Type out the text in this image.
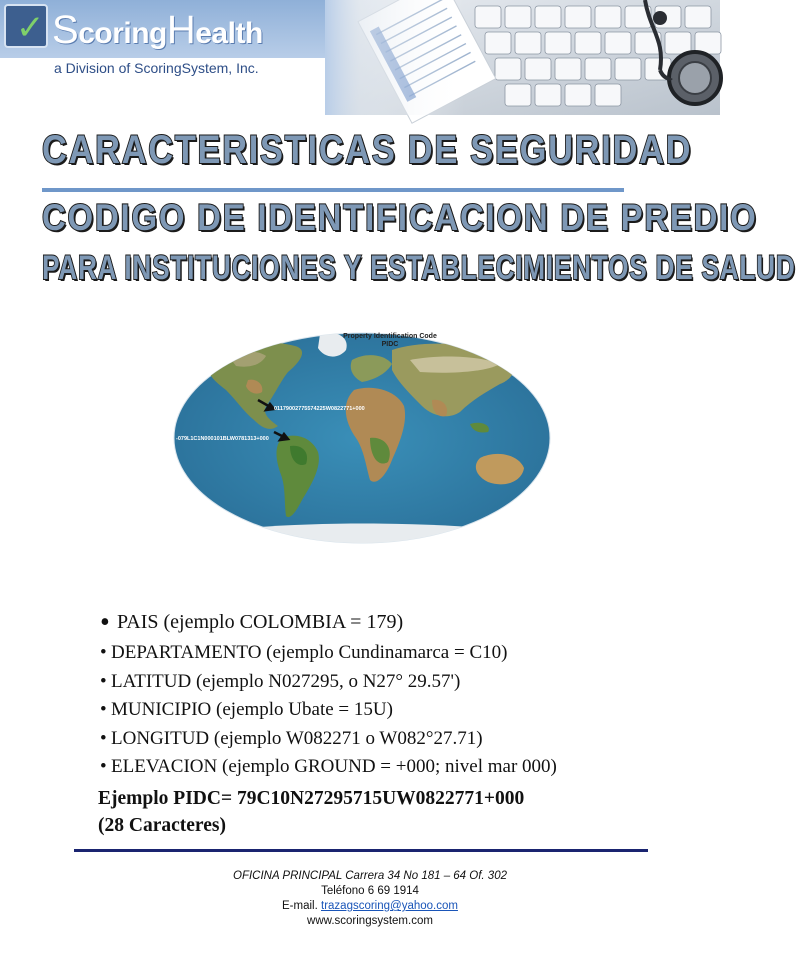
✓ ScoringHealth
a Division of ScoringSystem, Inc.
CARACTERISTICAS DE SEGURIDAD
CODIGO DE IDENTIFICACION DE PREDIO
PARA INSTITUCIONES Y ESTABLECIMIENTOS DE SALUD
Property Identification Code
PIDC
01179002775574225W0822771+000
-079L1C1N000101BLW0781313+000
• PAIS (ejemplo COLOMBIA = 179)
• DEPARTAMENTO (ejemplo Cundinamarca = C10)
• LATITUD (ejemplo N027295, o N27° 29.57')
• MUNICIPIO (ejemplo Ubate = 15U)
• LONGITUD (ejemplo W082271 o W082°27.71)
• ELEVACION (ejemplo GROUND = +000; nivel mar 000)

Ejemplo PIDC= 79C10N27295715UW0822771+000

(28 Caracteres)

OFICINA PRINCIPAL Carrera 34 No 181 – 64 Of. 302
Teléfono 6 69 1914
E-mail. trazagscoring@yahoo.com
www.scoringsystem.com
